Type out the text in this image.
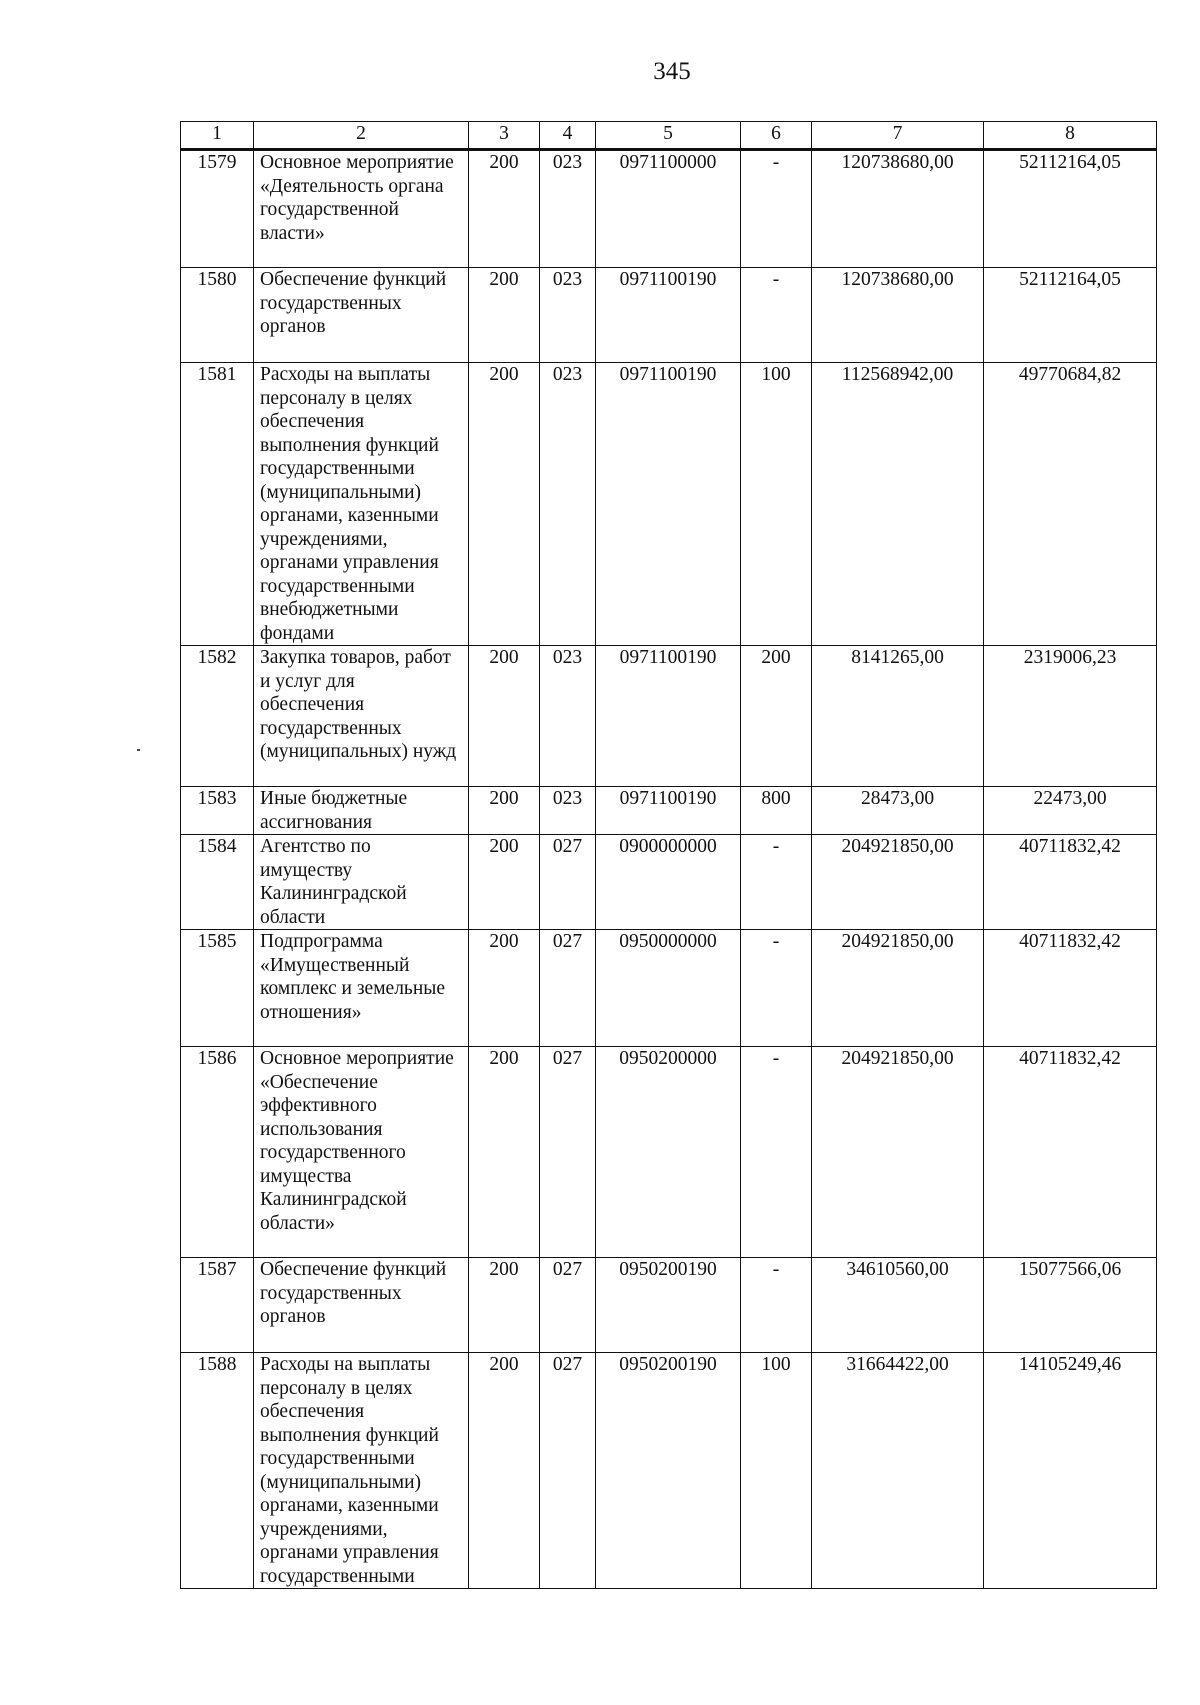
345
1	2	3	4	5	6	7	8
1579	Основное мероприятие «Деятельность органа государственной власти»	200	023	0971100000	-	120738680,00	52112164,05
1580	Обеспечение функций государственных органов	200	023	0971100190	-	120738680,00	52112164,05
1581	Расходы на выплаты персоналу в целях обеспечения выполнения функций государственными (муниципальными) органами, казенными учреждениями, органами управления государственными внебюджетными фондами	200	023	0971100190	100	112568942,00	49770684,82
1582	Закупка товаров, работ и услуг для обеспечения государственных (муниципальных) нужд	200	023	0971100190	200	8141265,00	2319006,23
1583	Иные бюджетные ассигнования	200	023	0971100190	800	28473,00	22473,00
1584	Агентство по имуществу Калининградской области	200	027	0900000000	-	204921850,00	40711832,42
1585	Подпрограмма «Имущественный комплекс и земельные отношения»	200	027	0950000000	-	204921850,00	40711832,42
1586	Основное мероприятие «Обеспечение эффективного использования государственного имущества Калининградской области»	200	027	0950200000	-	204921850,00	40711832,42
1587	Обеспечение функций государственных органов	200	027	0950200190	-	34610560,00	15077566,06
1588	Расходы на выплаты персоналу в целях обеспечения выполнения функций государственными (муниципальными) органами, казенными учреждениями, органами управления государственными	200	027	0950200190	100	31664422,00	14105249,46
